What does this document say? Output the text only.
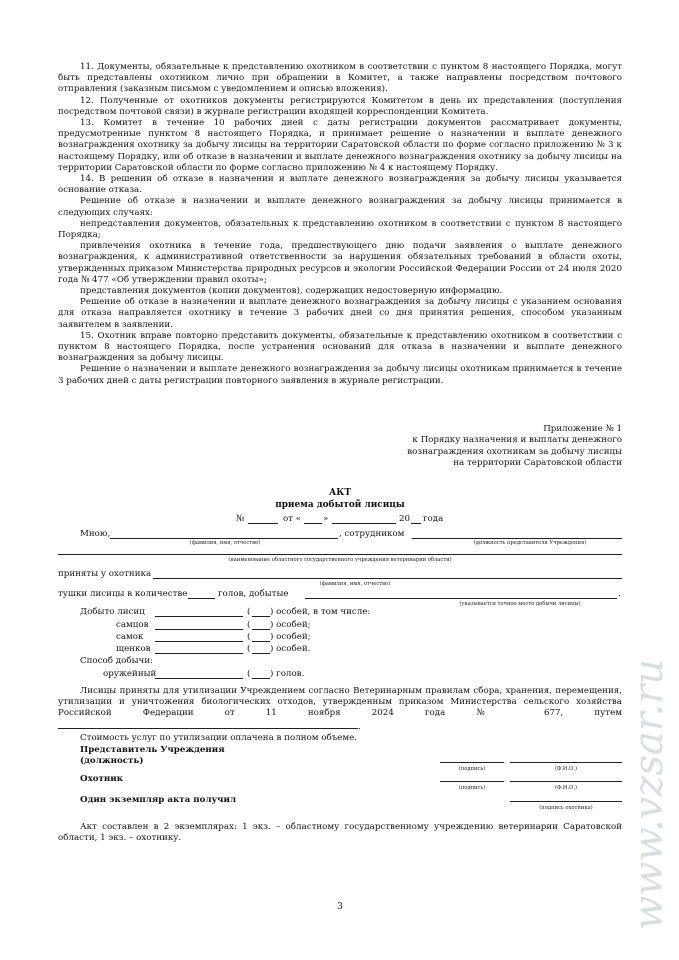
11. Документы, обязательные к представлению охотником в соответствии с пунктом 8 настоящего Порядка, могут быть представлены охотником лично при обращении в Комитет, а также направлены посредством почтового отправления (заказным письмом с уведомлением и описью вложения).

12. Полученные от охотников документы регистрируются Комитетом в день их представления (поступления посредством почтовой связи) в журнале регистрации входящей корреспонденции Комитета.

13. Комитет в течение 10 рабочих дней с даты регистрации документов рассматривает документы, предусмотренные пунктом 8 настоящего Порядка, и принимает решение о назначении и выплате денежного вознаграждения охотнику за добычу лисицы на территории Саратовской области по форме согласно приложению № 3 к настоящему Порядку, или об отказе в назначении и выплате денежного вознаграждения охотнику за добычу лисицы на территории Саратовской области по форме согласно приложению № 4 к настоящему Порядку.

14. В решении об отказе в назначении и выплате денежного вознаграждения за добычу лисицы указывается основание отказа.

Решение об отказе в назначении и выплате денежного вознаграждения за добычу лисицы принимается в следующих случаях:

непредставления документов, обязательных к представлению охотником в соответствии с пунктом 8 настоящего Порядка;

привлечения охотника в течение года, предшествующего дню подачи заявления о выплате денежного вознаграждения, к административной ответственности за нарушения обязательных требований в области охоты, утвержденных приказом Министерства природных ресурсов и экологии Российской Федерации России от 24 июля 2020 года № 477 «Об утверждении правил охоты»;

представления документов (копии документов), содержащих недостоверную информацию.

Решение об отказе в назначении и выплате денежного вознаграждения за добычу лисицы с указанием основания для отказа направляется охотнику в течение 3 рабочих дней со дня принятия решения, способом указанным заявителем в заявлении.

15. Охотник вправе повторно представить документы, обязательные к представлению охотником в соответствии с пунктом 8 настоящего Порядка, после устранения оснований для отказа в назначении и выплате денежного вознаграждения за добычу лисицы.

Решение о назначении и выплате денежного вознаграждения за добычу лисицы охотникам принимается в течение 3 рабочих дней с даты регистрации повторного заявления в журнале регистрации.

Приложение № 1
к Порядку назначения и выплаты денежного
вознаграждения охотникам за добычу лисицы
на территории Саратовской области
АКТ
приема добытой лисицы
№	от «	»	20 года
Мною,	, сотрудником
(фамилия, имя, отчество)	(должность представителя Учреждения)
(наименование областного государственного учреждения ветеринарии области)
приняты у охотника
(фамилия, имя, отчество)
тушки лисицы в количестве	голов, добытые	.
(указывается точное место добычи лисицы)
Добыто лисиц	( ) особей, в том числе:
самцов	( ) особей;
самок	( ) особей;
щенков	( ) особей.
Способ добычи:
оружейный	( ) голов.

Лисицы приняты для утилизации Учреждением согласно Ветеринарным правилам сбора, хранения, перемещения, утилизации и уничтожения биологических отходов, утвержденным приказом Министерства сельского хозяйства Российской Федерации от 11 ноября 2024 года № 677, путем .

Стоимость услуг по утилизации оплачена в полном объеме.

Представитель Учреждения
(должность)
(подпись)	(Ф.И.О.)
Охотник
(подпись)	(Ф.И.О.)
Один экземпляр акта получил
(подпись охотника)

Акт составлен в 2 экземплярах: 1 экз. – областному государственному учреждению ветеринарии Саратовской области, 1 экз. – охотнику.

3	www.vzsar.ru
